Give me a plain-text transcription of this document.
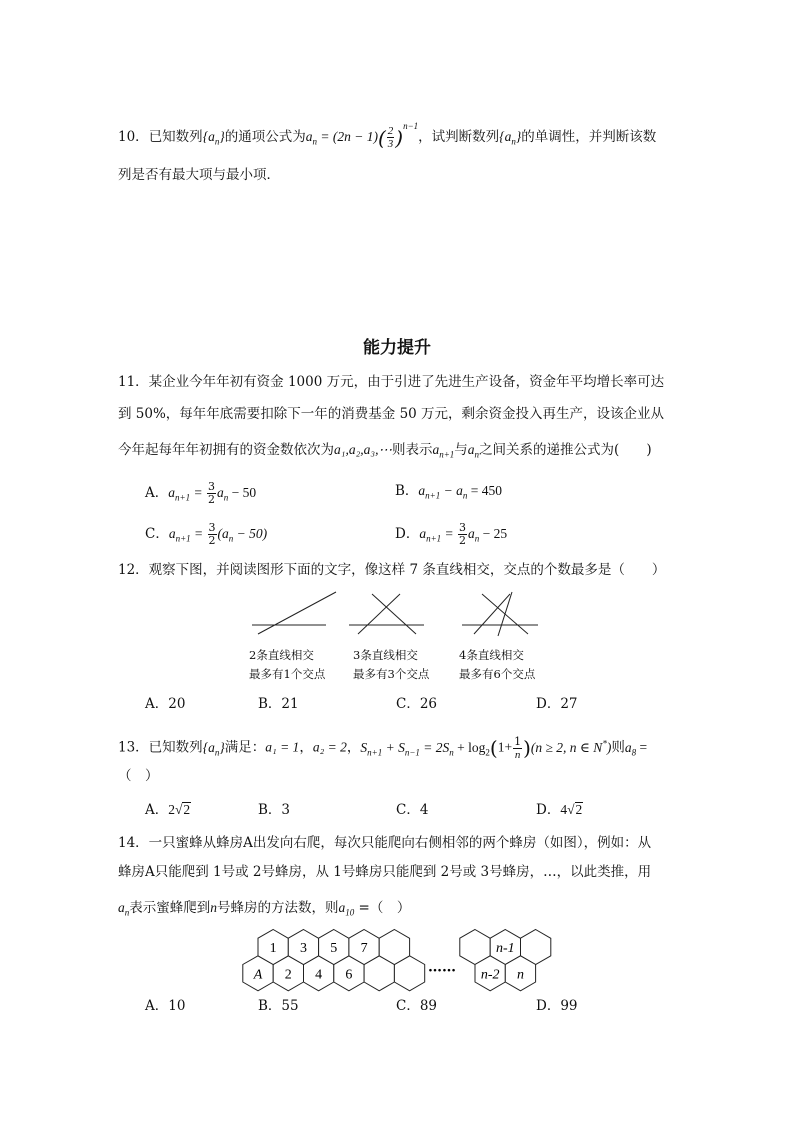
10．已知数列$\{a_n\}$的通项公式为$a_n = (2n - 1)( \frac{2}{3} )^{n-1}$，试判断数列$\{a_n\}$的单调性，并判断该数
列是否有最大项与最小项．
能力提升
11．某企业今年年初有资金 1000 万元，由于引进了先进生产设备，资金年平均增长率可达
到 50%，每年年底需要扣除下一年的消费基金 50 万元，剩余资金投入再生产，设该企业从
今年起每年年初拥有的资金数依次为a₁,a₂,a₃,⋯则表示$a_{n+1}$与$a_n$之间关系的递推公式为(　　)
A．$a_{n+1} = \frac{3}{2} a_n - 50$	B．$a_{n+1} - a_n = 450$
C．$a_{n+1} = \frac{3}{2} (a_n - 50)$	D．$a_{n+1} = \frac{3}{2} a_n - 25$
12．观察下图，并阅读图形下面的文字，像这样 7 条直线相交，交点的个数最多是（　　）
2条直线相交
最多有1个交点
3条直线相交
最多有3个交点
4条直线相交
最多有6个交点
A．20	B．21	C．26	D．27
13．已知数列$\{a_n\}$满足：a₁ = 1，a₂ = 2，$S_{n+1} + S_{n-1} = 2S_n + \log_2(1+ \frac{1}{n} )(n \ge 2$, n ∈ N*)则$a_8$ =
（　）
A．2√2	B．3	C．4	D．4√2
14．一只蜜蜂从蜂房A出发向右爬，每次只能爬向右侧相邻的两个蜂房（如图），例如：从
蜂房A只能爬到 1号或 2号蜂房，从 1号蜂房只能爬到 2号或 3号蜂房，…，以此类推，用
$a_n$表示蜜蜂爬到n号蜂房的方法数，则$a_{10}$ =（　）
A 2 4 6
1 3 5 7
……
n-1
n-2 n
A．10	B．55	C．89	D．99
